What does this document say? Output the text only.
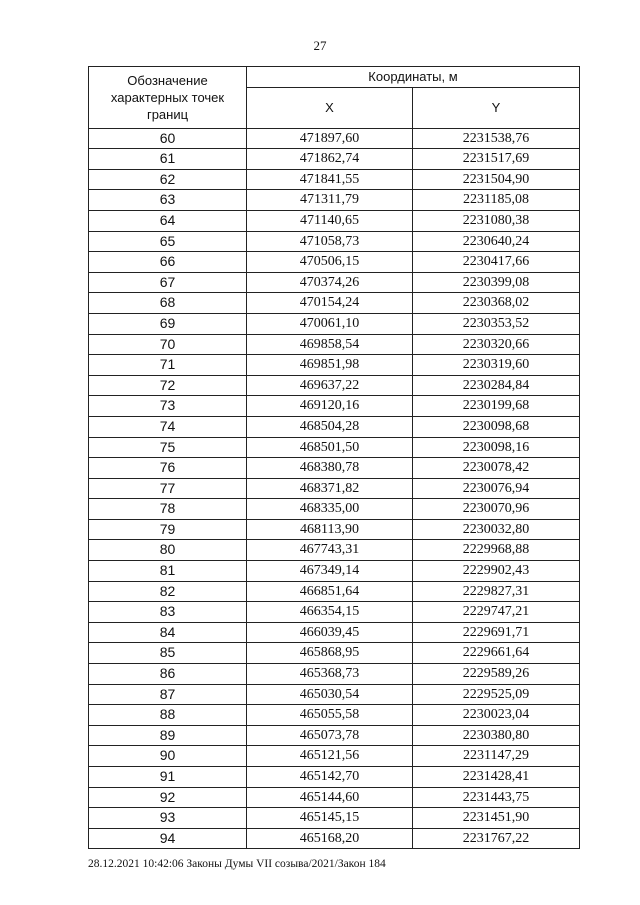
27
Обозначение характерных точек границ	Координаты, м	
	X	Y
60	471897,60	2231538,76
61	471862,74	2231517,69
62	471841,55	2231504,90
63	471311,79	2231185,08
64	471140,65	2231080,38
65	471058,73	2230640,24
66	470506,15	2230417,66
67	470374,26	2230399,08
68	470154,24	2230368,02
69	470061,10	2230353,52
70	469858,54	2230320,66
71	469851,98	2230319,60
72	469637,22	2230284,84
73	469120,16	2230199,68
74	468504,28	2230098,68
75	468501,50	2230098,16
76	468380,78	2230078,42
77	468371,82	2230076,94
78	468335,00	2230070,96
79	468113,90	2230032,80
80	467743,31	2229968,88
81	467349,14	2229902,43
82	466851,64	2229827,31
83	466354,15	2229747,21
84	466039,45	2229691,71
85	465868,95	2229661,64
86	465368,73	2229589,26
87	465030,54	2229525,09
88	465055,58	2230023,04
89	465073,78	2230380,80
90	465121,56	2231147,29
91	465142,70	2231428,41
92	465144,60	2231443,75
93	465145,15	2231451,90
94	465168,20	2231767,22
28.12.2021 10:42:06 Законы Думы VII созыва/2021/Закон 184
